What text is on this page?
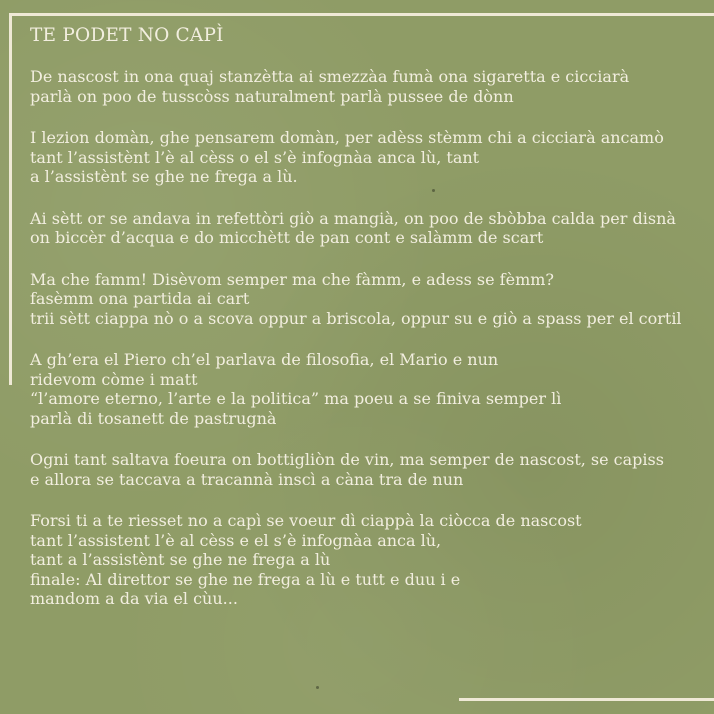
TE PODET NO CAPÌ
De nascost in ona quaj stanzètta ai smezzàa fumà ona sigaretta e cicciarà
parlà on poo de tusscòss naturalment parlà pussee de dònn
I lezion domàn, ghe pensarem domàn, per adèss stèmm chi a cicciarà ancamò
tant l’assistènt l’è al cèss o el s’è infognàa anca lù, tant
a l’assistènt se ghe ne frega a lù.
Ai sètt or se andava in refettòri giò a mangià, on poo de sbòbba calda per disnà
on biccèr d’acqua e do micchètt de pan cont e salàmm de scart
Ma che famm! Disèvom semper ma che fàmm, e adess se fèmm?
fasèmm ona partida ai cart
trii sètt ciappa nò o a scova oppur a briscola, oppur su e giò a spass per el cortil
A gh’era el Piero ch’el parlava de filosofia, el Mario e nun
ridevom còme i matt
“l’amore eterno, l’arte e la politica” ma poeu a se finiva semper lì
parlà di tosanett de pastrugnà
Ogni tant saltava foeura on bottigliòn de vin, ma semper de nascost, se capiss
e allora se taccava a tracannà inscì a càna tra de nun
Forsi ti a te riesset no a capì se voeur dì ciappà la ciòcca de nascost
tant l’assistent l’è al cèss e el s’è infognàa anca lù,
tant a l’assistènt se ghe ne frega a lù
finale: Al direttor se ghe ne frega a lù e tutt e duu i e
mandom a da via el cùu...
